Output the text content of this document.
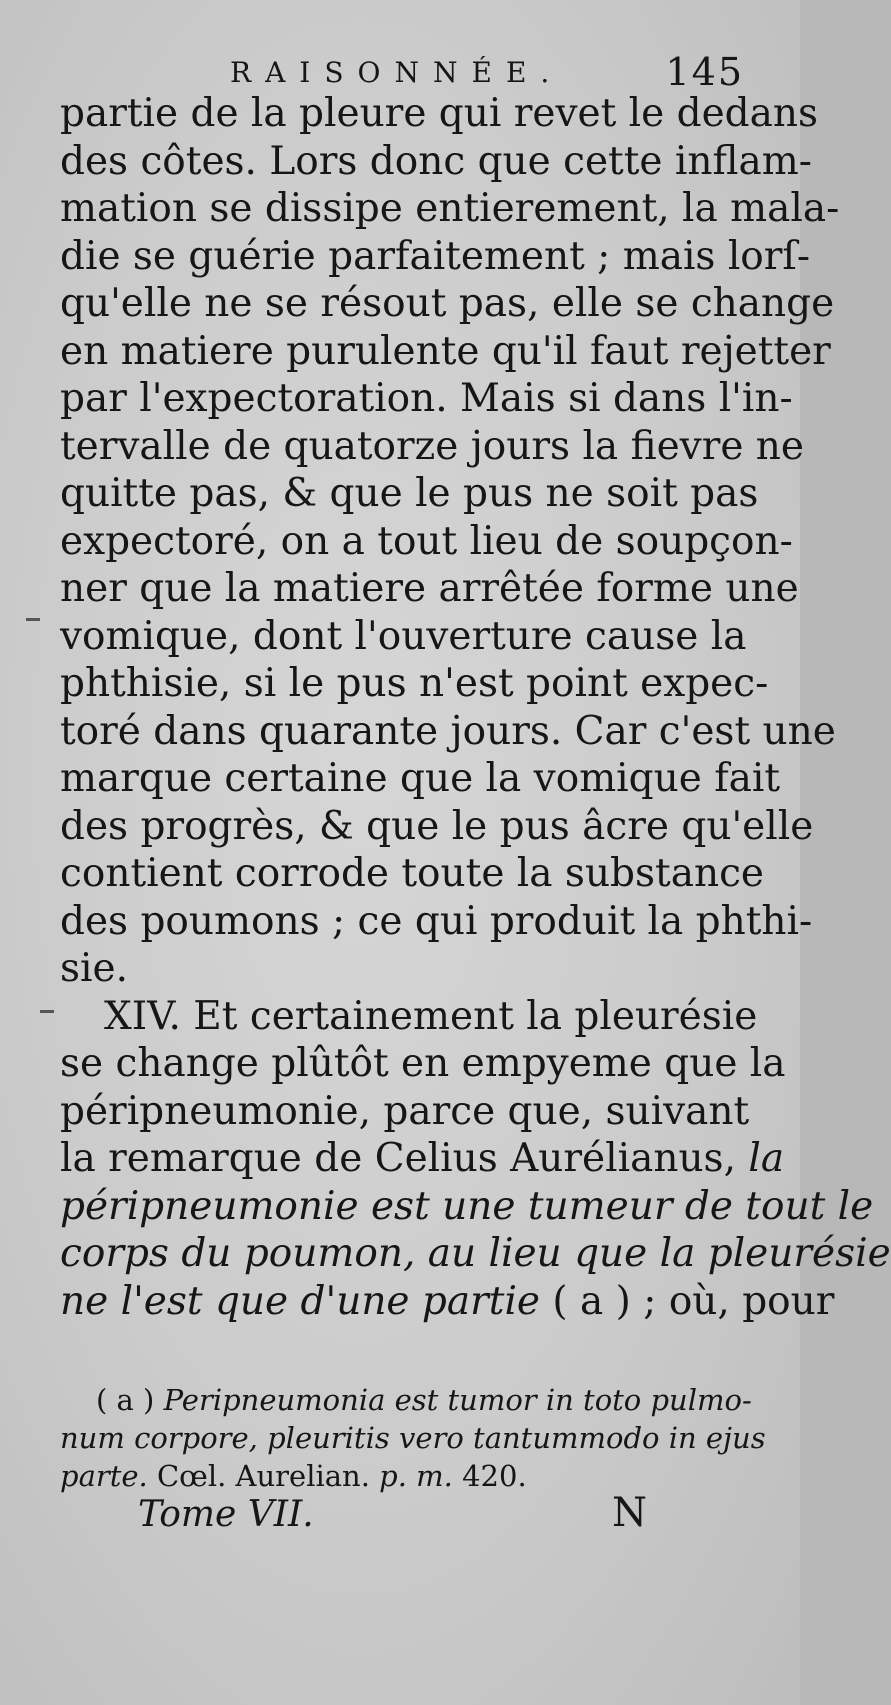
RAISONNÉE.	145
partie de la pleure qui revet le dedans
des côtes. Lors donc que cette inflam-
mation se dissipe entierement, la mala-
die se guérie parfaitement ; mais lorſ-
qu'elle ne se résout pas, elle se change
en matiere purulente qu'il faut rejetter
par l'expectoration. Mais si dans l'in-
tervalle de quatorze jours la fievre ne
quitte pas, & que le pus ne soit pas
expectoré, on a tout lieu de soupçon-
ner que la matiere arrêtée forme une
vomique, dont l'ouverture cause la
phthisie, si le pus n'est point expec-
toré dans quarante jours. Car c'est une
marque certaine que la vomique fait
des progrès, & que le pus âcre qu'elle
contient corrode toute la substance
des poumons ; ce qui produit la phthi-
sie.
XIV. Et certainement la pleurésie
se change plûtôt en empyeme que la
péripneumonie, parce que, suivant
la remarque de Celius Aurélianus, la
péripneumonie est une tumeur de tout le
corps du poumon, au lieu que la pleurésie
ne l'est que d'une partie ( a ) ; où, pour
( a ) Peripneumonia est tumor in toto pulmo-
num corpore, pleuritis vero tantummodo in ejus
parte. Cœl. Aurelian. p. m. 420.
Tome VII.	N
